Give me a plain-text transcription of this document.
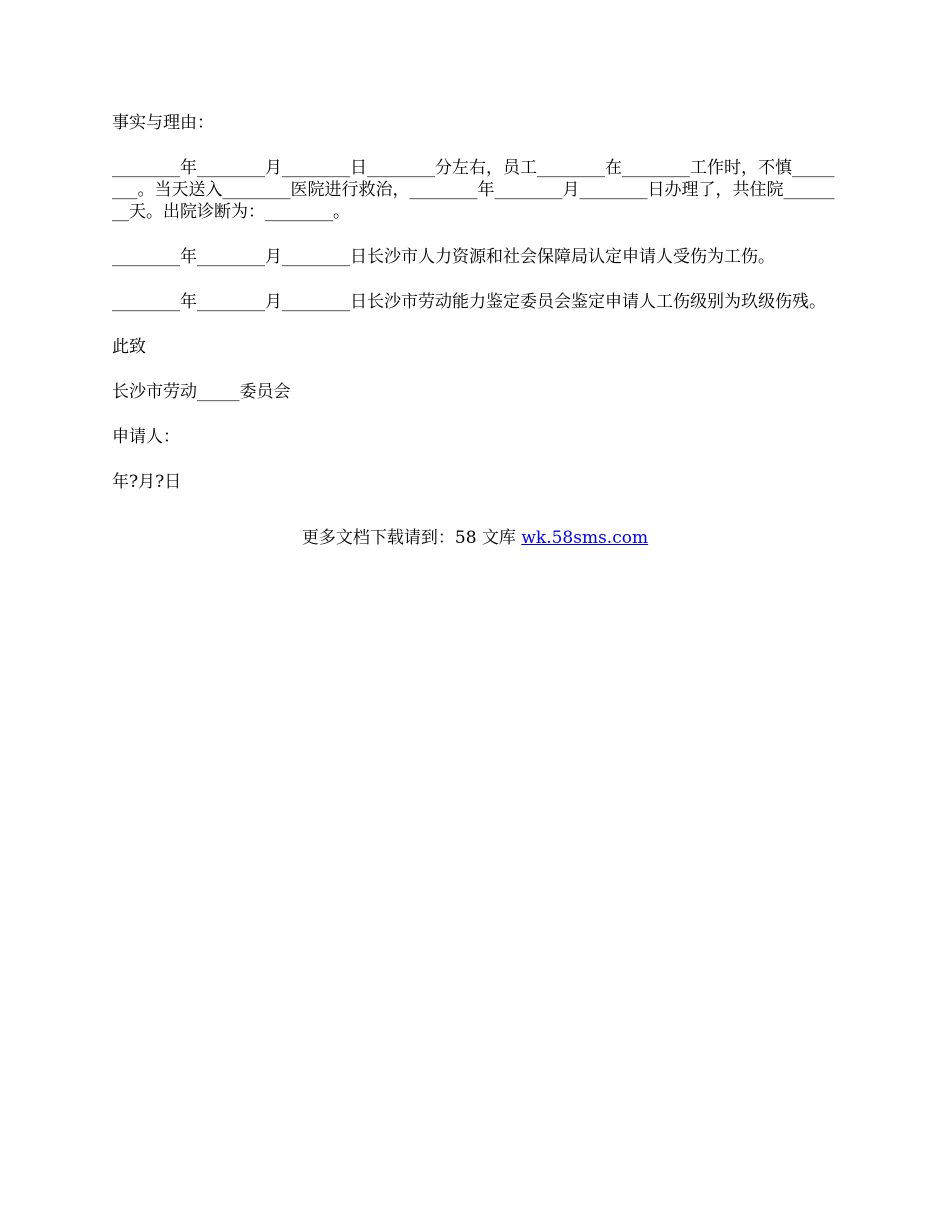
事实与理由：

________年________月________日________分左右，员工________在________工作时，不慎________。当天送入________医院进行救治，________年________月________日办理了，共住院________天。出院诊断为：________。

________年________月________日长沙市人力资源和社会保障局认定申请人受伤为工伤。

________年________月________日长沙市劳动能力鉴定委员会鉴定申请人工伤级别为玖级伤残。

此致

长沙市劳动_____委员会

申请人：

年?月?日

更多文档下载请到：58 文库 wk.58sms.com
